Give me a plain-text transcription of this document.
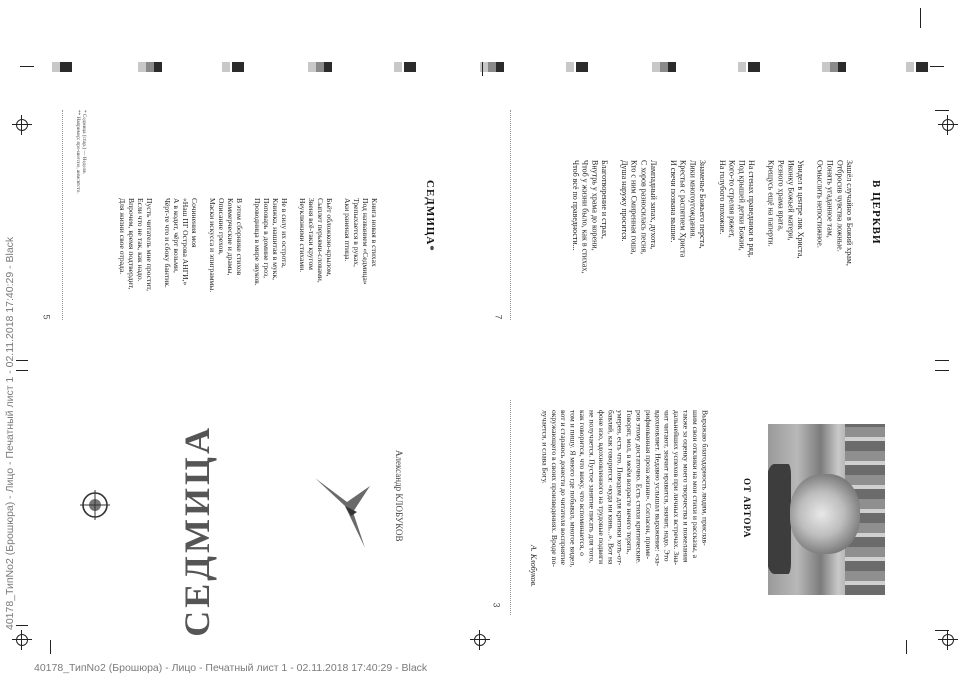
40178_ТипNo2 (Брошюра) - Лицо - Печатный лист 1 - 02.11.2018 17:40:29 - Black
40178_ТипNo2 (Брошюра) - Лицо - Печатный лист 1 - 02.11.2018 17:40:29 - Black
СЕДМИЦА*
Книга новая в стихах
Под названием «Седмица»
Трепыхается в руках,
Аки раненая птица.

Бьёт обложкою-крылом,
Сыплет перьями-словами,
Звеня всё-таки кругом
Неуклюжими стихами.

Не в силу их острота,
Книжка, нашитая в мукк,
Поповарь в домине гроз,
Проводница в мире звуков.

В этом сборнике стихов
Коммерческие и драмы,
Описание грехов,
Маски искусса и эпиграммы.

Сочинения моя
«Наш ПГ Острова АНГИ,»
А в кодит, чёрт возьми,
Чёрт-те что и сбоку бантик.

Пусть читатель мне простит,
Если что не так, как надо.
Впрочем, время подтвердит,
Для жизни свое отрада.
* Седмица (стар.) — Неделя.
** Например: про-шегсно, аимсвтсто.
5
СЕДМИЦА	Александр КЛОБУКОВ
В ЦЕРКВИ
Зашёл случайно в Божий храм,
Отбросив чувства ложные.
Понять угаданное там,
Осмыслить непостижное.

Увидел в центре лик Христа,
Иконку Божьей матери,
Резного храма врата,
Крещусь ещё на паперти.

На стенах праведники в ряд,
Под крышей детки Божии,
Кого-то стреляя ряжет,
На голубого похожие.

Знаменье Божьего перста,
Лики многоугождания.
Крестья с распятием Христа
И свечи позвана вышие.

Лампадный запах, духота,
С хоров разносилась песня,
Кто с ним Смиренная гоша,
Душа наружу просится.

Благотворение и страх,
Внутрь у храма до корени,
Чтоб у жизни было, как в стихах,
Чтоб всё по праведности...
7
ОТ АВТОРА
Выражаю благодарность людям, прислав-
шим свои отклики на мои стихи и рассказы, а
также за оценку моего творчества и пожелания
дальнейших успехов при личных встречах. Зна-
чит читают, значит нравится, значит, надо. Это
вдохновляет. Недавно услышал выражение: «за-
рифмованная проза жизни». Согласен, приме-
ров этому достаточно. Есть стихи критические.
Говорят, мол, в моём возрасте нечего терять,
умерен, есть что. Поводом для критики хоть-от-
бавляй, как говорится: «куда ни кинь...». Вот на
фоне изо, вдохновленного на трудовые подвиги
не получается. Пустое занятие писать для того,
как говорится, что вижу, что вспоминается, о
том и пишу. Я много где побывал, многое видел,
вот и стараюсь донести до читателя восприятие
окружающего в своих произведениях. Вроде по-
лучается, и слава Богу.
А. Клобуков.
3
